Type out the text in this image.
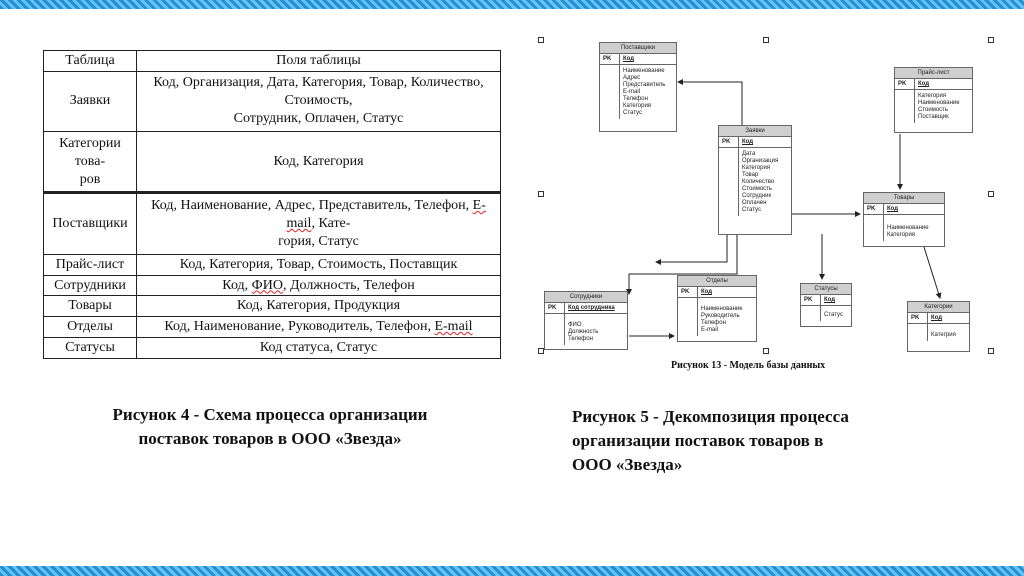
Таблица	Поля таблицы
Заявки	Код, Организация, Дата, Категория, Товар, Количество, Стоимость,
Сотрудник, Оплачен, Статус

Категории това-
ров	Код, Категория
Поставщики	Код, Наименование, Адрес, Представитель, Телефон, E-mail, Кате-
гория, Статус

Прайс-лист	Код, Категория, Товар, Стоимость, Поставщик
Сотрудники	Код, ФИО, Должность, Телефон
Товары	Код, Категория, Продукция
Отделы	Код, Наименование, Руководитель, Телефон, E-mail
Статусы	Код статуса, Статус
Поставщики
PK	Код
Наименование
Адрес
Представитель
E-mail
Телефон
Категория
Статус
Прайс-лист
PK	Код
Категория
Наименование
Стоимость
Поставщик
Заявки
PK	Код
Дата
Организация
Категория
Товар
Количество
Стоимость
Сотрудник
Оплачен
Статус
Товары
PK	Код
Наименование
Категория
Сотрудники
PK	Код сотрудника
ФИО
Должность
Телефон
Отделы
PK	Код
Наименование
Руководитель
Телефон
E-mail
Статусы
PK	Код
Статус
Категории
PK	Код
Категрия
Рисунок 13 - Модель базы данных
Рисунок 4 - Схема процесса организации
поставок товаров в ООО «Звезда»
Рисунок 5 - Декомпозиция процесса
организации поставок товаров в
ООО «Звезда»
